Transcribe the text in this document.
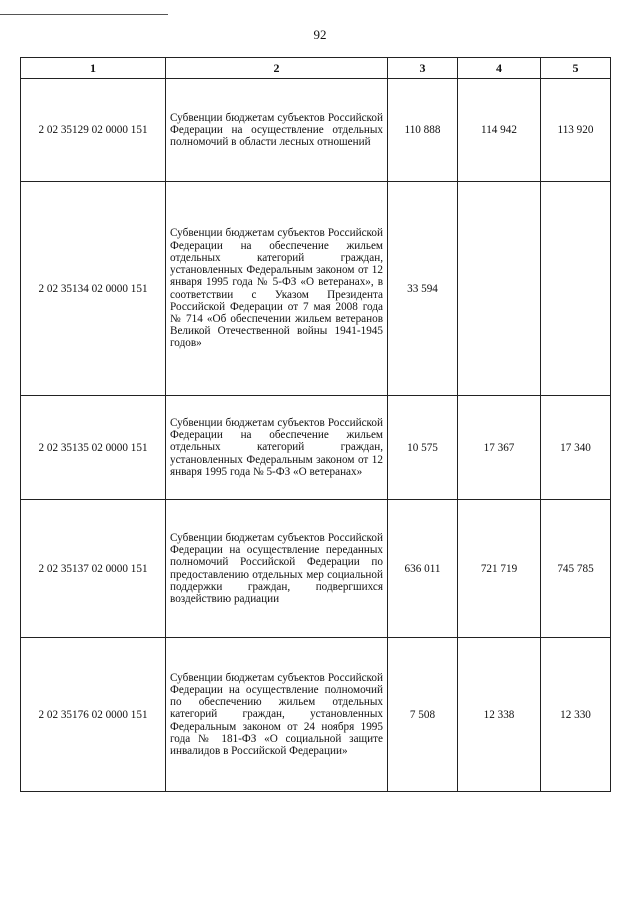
92
1	2	3	4	5
2 02 35129 02 0000 151	Субвенции бюджетам субъектов Российской Федерации на осуществление отдельных полномочий в области лесных отношений	110 888	114 942	113 920
2 02 35134 02 0000 151	Субвенции бюджетам субъектов Российской Федерации на обеспечение жильем отдельных категорий граждан, установленных Федеральным законом от 12 января 1995 года № 5-ФЗ «О ветеранах», в соответствии с Указом Президента Российской Федерации от 7 мая 2008 года № 714 «Об обеспечении жильем ветеранов Великой Отечественной войны 1941-1945 годов»	33 594		
2 02 35135 02 0000 151	Субвенции бюджетам субъектов Российской Федерации на обеспечение жильем отдельных категорий граждан, установленных Федеральным законом от 12 января 1995 года № 5-ФЗ «О ветеранах»	10 575	17 367	17 340
2 02 35137 02 0000 151	Субвенции бюджетам субъектов Российской Федерации на осуществление переданных полномочий Российской Федерации по предоставлению отдельных мер социальной поддержки граждан, подвергшихся воздействию радиации	636 011	721 719	745 785
2 02 35176 02 0000 151	Субвенции бюджетам субъектов Российской Федерации на осуществление полномочий по обеспечению жильем отдельных категорий граждан, установленных Федеральным законом от 24 ноября 1995 года № 181-ФЗ «О социальной защите инвалидов в Российской Федерации»	7 508	12 338	12 330
